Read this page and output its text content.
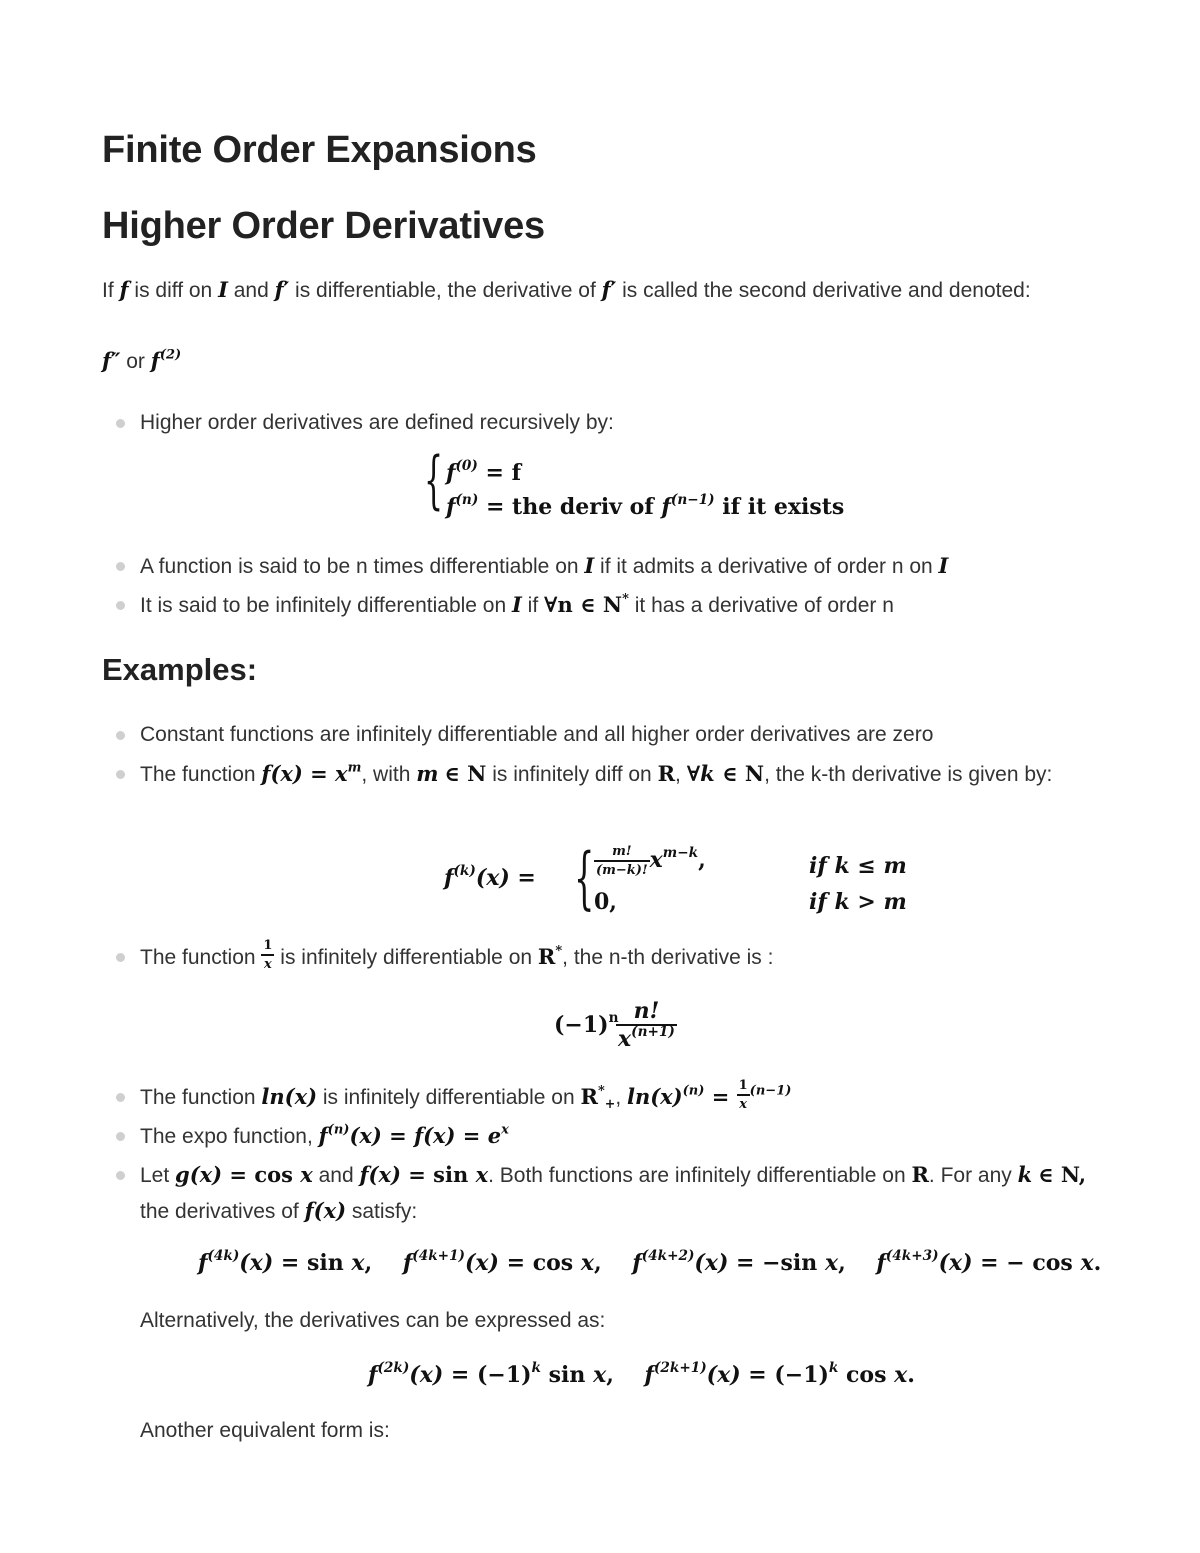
Finite Order Expansions
Higher Order Derivatives
If f is diff on I and f′ is differentiable, the derivative of f′ is called the second derivative and denoted:
f″ or $f^{(2)}$
Higher order derivatives are defined recursively by:
{ $f^{(0)} = f$
$f^{(n)}$ = the deriv of $f^{(n-1)}$ if it exists
A function is said to be n times differentiable on I if it admits a derivative of order n on I
It is said to be infinitely differentiable on I if ∀n ∈ N* it has a derivative of order n
Examples:
Constant functions are infinitely differentiable and all higher order derivatives are zero
The function $f(x) = x^m$, with m ∈ N is infinitely diff on R, ∀k ∈ N, the k-th derivative is given by:
$f^{(k)}(x)$ = { $\frac{m!}{(m-k)!} x^{m-k}$,
0,
if k ≤ m
if k > m
The function $\frac{1}{x}$ is infinitely differentiable on R*, the n-th derivative is :
$(-1)^n$
$\frac{n!}{x^{(n+1)}}$
The function ln(x) is infinitely differentiable on $R^*_+$, $\ln(x)^{(n)} = \frac{1}{x} ^{(n-1)}$
The expo function, $f^{(n)}(x) = f(x) = e^x$
Let g(x) = cos x and f(x) = sin x. Both functions are infinitely differentiable on R. For any k ∈ N, the derivatives of f(x) satisfy:
$f^{(4k)}(x) = \sin x$,    $f^{(4k+1)}(x) = \cos x$,    $f^{(4k+2)}(x) = -\sin$ x,    $f^{(4k+3)}(x)$ = − cos x.
Alternatively, the derivatives can be expressed as:
$f^{(2k)}(x) = (-1)^k$ sin x,    $f^{(2k+1)}(x) = (-1)^k$ cos x.
Another equivalent form is:
